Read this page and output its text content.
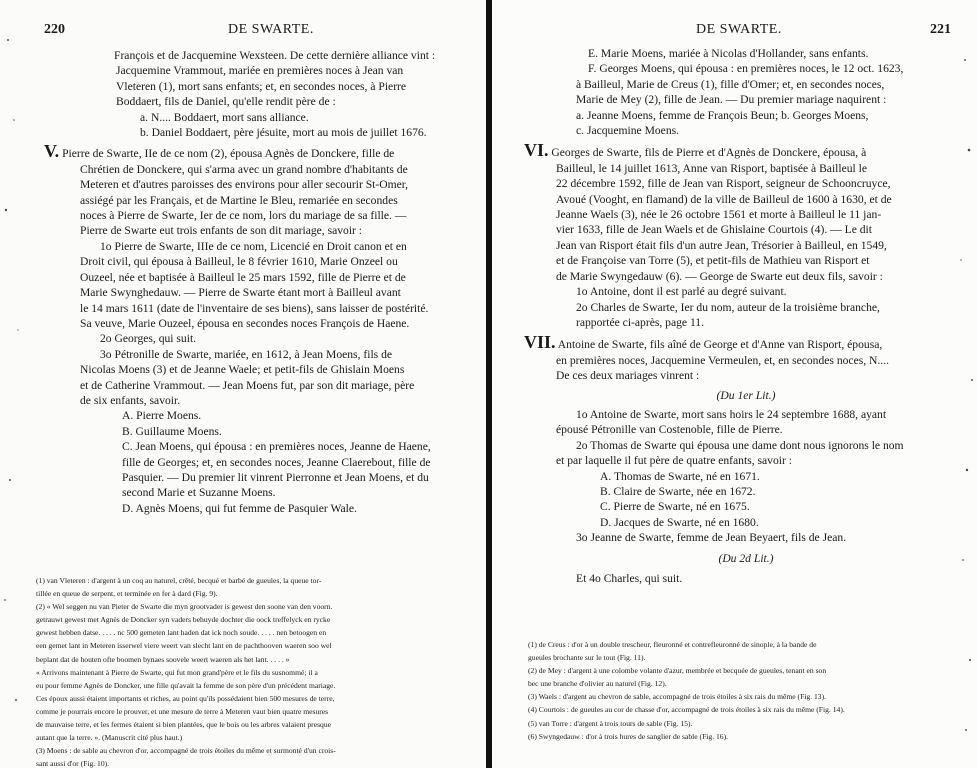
220	DE SWARTE.
François et de Jacquemine Wexsteen. De cette dernière alliance vint :
Jacquemine Vrammout, mariée en premières noces à Jean van
Vleteren (1), mort sans enfants; et, en secondes noces, à Pierre
Boddaert, fils de Daniel, qu'elle rendit père de :
a. N.... Boddaert, mort sans alliance.
b. Daniel Boddaert, père jésuite, mort au mois de juillet 1676.
V. Pierre de Swarte, IIe de ce nom (2), épousa Agnès de Donckere, fille de
Chrétien de Donckere, qui s'arma avec un grand nombre d'habitants de
Meteren et d'autres paroisses des environs pour aller secourir St-Omer,
assiégé par les Français, et de Martine le Bleu, remariée en secondes
noces à Pierre de Swarte, Ier de ce nom, lors du mariage de sa fille. —
Pierre de Swarte eut trois enfants de son dit mariage, savoir :
1o Pierre de Swarte, IIIe de ce nom, Licencié en Droit canon et en
Droit civil, qui épousa à Bailleul, le 8 février 1610, Marie Onzeel ou
Ouzeel, née et baptisée à Bailleul le 25 mars 1592, fille de Pierre et de
Marie Swynghedauw. — Pierre de Swarte étant mort à Bailleul avant
le 14 mars 1611 (date de l'inventaire de ses biens), sans laisser de postérité.
Sa veuve, Marie Ouzeel, épousa en secondes noces François de Haene.
2o Georges, qui suit.
3o Pétronille de Swarte, mariée, en 1612, à Jean Moens, fils de
Nicolas Moens (3) et de Jeanne Waele; et petit-fils de Ghislain Moens
et de Catherine Vrammout. — Jean Moens fut, par son dit mariage, père
de six enfants, savoir.
A. Pierre Moens.
B. Guillaume Moens.
C. Jean Moens, qui épousa : en premières noces, Jeanne de Haene,
fille de Georges; et, en secondes noces, Jeanne Claerebout, fille de
Pasquier. — Du premier lit vinrent Pierronne et Jean Moens, et du
second Marie et Suzanne Moens.
D. Agnès Moens, qui fut femme de Pasquier Wale.
(1) van Vleteren : d'argent à un coq au naturel, crêté, becqué et barbé de gueules, la queue tor-
tillée en queue de serpent, et terminée en fer à dard (Fig. 9).
(2) « Wel seggen nu van Pieter de Swarte die myn grootvader is gewest den soone van den voorn.
getrauwt gewest met Agnès de Doncker syn vaders behuyde dochter die oock treffelyck en rycke
gewest hebben datse. . . . . nc 500 gemeten lant haden dat ick noch soude. . . . . nen betoogen en
een gemet lant in Meteren isserwel viere weert van slecht lant en de pachthooven waeren soo wel
beplant dat de houten ofte boomen bynaes soovele weert waeren als het lant. . . . . »
« Arrivons maintenant à Pierre de Swarte, qui fut mon grand'père et le fils du susnommé; il a
eu pour femme Agnès de Doncker, une fille qu'avait la femme de son père d'un précédent mariage.
Ces époux aussi étaient importants et riches, au point qu'ils possédaient bien 500 mesures de terre,
comme je pourrais encore le prouver, et une mesure de terre à Meteren vaut bien quatre mesures
de mauvaise terre, et les fermes étaient si bien plantées, que le bois ou les arbres valaient presque
autant que la terre. ». (Manuscrit cité plus haut.)
(3) Moens : de sable au chevron d'or, accompagné de trois étoiles du même et surmonté d'un crois-
sant aussi d'or (Fig. 10).
DE SWARTE.	221
E. Marie Moens, mariée à Nicolas d'Hollander, sans enfants.
F. Georges Moens, qui épousa : en premières noces, le 12 oct. 1623,
à Bailleul, Marie de Creus (1), fille d'Omer; et, en secondes noces,
Marie de Mey (2), fille de Jean. — Du premier mariage naquirent :
a. Jeanne Moens, femme de François Beun; b. Georges Moens,
c. Jacquemine Moens.
VI. Georges de Swarte, fils de Pierre et d'Agnès de Donckere, épousa, à
Bailleul, le 14 juillet 1613, Anne van Risport, baptisée à Bailleul le
22 décembre 1592, fille de Jean van Risport, seigneur de Schooncruyce,
Avoué (Vooght, en flamand) de la ville de Bailleul de 1600 à 1630, et de
Jeanne Waels (3), née le 26 octobre 1561 et morte à Bailleul le 11 jan-
vier 1633, fille de Jean Waels et de Ghislaine Courtois (4). — Le dit
Jean van Risport était fils d'un autre Jean, Trésorier à Bailleul, en 1549,
et de Françoise van Torre (5), et petit-fils de Mathieu van Risport et
de Marie Swyngedauw (6). — George de Swarte eut deux fils, savoir :
1o Antoine, dont il est parlé au degré suivant.
2o Charles de Swarte, Ier du nom, auteur de la troisième branche,
rapportée ci-après, page 11.
VII. Antoine de Swarte, fils aîné de George et d'Anne van Risport, épousa,
en premières noces, Jacquemine Vermeulen, et, en secondes noces, N....
De ces deux mariages vinrent :
(Du 1er Lit.)
1o Antoine de Swarte, mort sans hoirs le 24 septembre 1688, ayant
épousé Pétronille van Costenoble, fille de Pierre.
2o Thomas de Swarte qui épousa une dame dont nous ignorons le nom
et par laquelle il fut père de quatre enfants, savoir :
A. Thomas de Swarte, né en 1671.
B. Claire de Swarte, née en 1672.
C. Pierre de Swarte, né en 1675.
D. Jacques de Swarte, né en 1680.
3o Jeanne de Swarte, femme de Jean Beyaert, fils de Jean.
(Du 2d Lit.)
Et 4o Charles, qui suit.
(1) de Creus : d'or à un double trescheur, fleuronné et contrefleuronné de sinople, à la bande de
gueules brochante sur le tout (Fig. 11).
(2) de Mey : d'argent à une colombe volante d'azur, membrée et becquée de gueules, tenant en son
bec une branche d'olivier au naturel (Fig. 12).
(3) Waels : d'argent au chevron de sable, accompagné de trois étoiles à six rais du même (Fig. 13).
(4) Courtois : de gueules au cor de chasse d'or, accompagné de trois étoiles à six rais du même (Fig. 14).
(5) van Torre : d'argent à trois tours de sable (Fig. 15).
(6) Swyngedauw : d'or à trois hures de sanglier de sable (Fig. 16).
